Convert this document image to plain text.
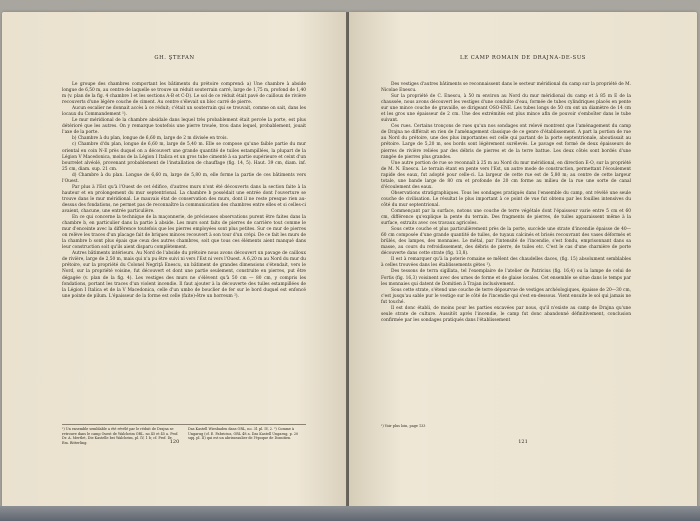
GH. ŞTEFAN

Le groupe des chambres comportant les bâtiments du prétoire comprend: a) Une chambre à abside longue de 6,50 m, au centre de laquelle se trouve un réduit souterrain carré, large de 1,75 m, profond de 1,40 m (v. plan de la fig. 4 chambre I et les sections A-B et C-D). Le sol de ce réduit était pavé de cailloux de rivière recouverts d'une légère couche de ciment. Au centre s'élevait un bloc carré de pierre.

Aucun escalier ne donnait accès à ce réduit; c'était un souterrain qui se trouvait, comme on sait, dans les locaux du Commandement ¹).

Le mur méridional de la chambre absidale dans lequel très probablement était percée la porte, est plus détérioré que les autres. On y remarque toutefois une pierre trouée, trou dans lequel, probablement, jouait l'axe de la porte.

b) Chambre à du plan, longue de 6,60 m, large de 2 m divisée en trois.

c) Chambre d'du plan, longue de 6,60 m, large de 5,40 m. Elle se compose qu'une faible partie du mur oriental en coin N-E près duquel on a découvert une grande quantité de tuiles estampillées, la plupart de la Légion V Macedonica, moins de la Légion I Italica et un gros tube cimenté à sa partie supérieure et ceint d'un bourrelet alvéolé, provenant probablement de l'installation de chauffage (fig. 14, 5). Haut. 39 cm, diam. inf. 25 cm, diam. sup. 21 cm.

d) Chambre à du plan. Longue de 6,60 m, large de 5,80 m, elle forme la partie de ces bâtiments vers l'Ouest.

Par plus à l'Est qu'à l'Ouest de cet édifice, d'autres murs n'ont été découverts dans la section faite à la hauteur et en prolongement du mur septentrional. La chambre b possédait une entrée dont l'ouverture se trouve dans le mur méridional. Le mauvais état de conservation des murs, dont il ne reste presque rien au-dessus des fondations, ne permet pas de reconnaître la communication des chambres entre elles et si celles-ci avaient, chacune, une entrée particulière.

En ce qui concerne la technique de la maçonnerie, de précieuses observations purent être faites dans la chambre b, en particulier dans la partie à abside. Les murs sont faits de pierres de carrière tout comme le mur d'enceinte avec la différence toutefois que les pierres employées sont plus petites. Sur ce mur de pierres on relève les traces d'un placage fait de briques minces recouvert à son tour d'un crépi. De ce fait les murs de la chambre b sont plus épais que ceux des autres chambres, soit que tous ces éléments aient manqué dans leur construction soit qu'ils aient disparu complètement.

Autres bâtiments intérieurs. Au Nord de l'abside du prétoire nous avons découvert un pavage de cailloux de rivière, large de 2,50 m, mais qui n'a pu être suivi ni vers l'Est ni vers l'Ouest. A 6,20 m au Nord du mur du prétoire, sur la propriété du Colonel Negriţă Enescu, un bâtiment de grandes dimensions s'étendait, vers le Nord, sur la propriété voisine, fut découvert et dont une partie seulement, construite en pierres, put être dégagée (v. plan de la fig. 4). Les vestiges des murs ne s'élèvent qu'à 50 cm — 80 cm, y compris les fondations, portant les traces d'un violent incendie. Il faut ajouter à la découverte des tuiles estampillées de la Légion I Italica et de la V Macedonica, celle d'un umbo de bouclier de fer sur le bord duquel est enfoncé une pointe de pilum. L'épaisseur de la forme est celle (faite)-être un horreum ²).

¹) Un ensemble semblable a été révélé par le réduit de Drajna se retrouve dans le camp Ouest de Walcheim ORL. no 45 et 45 a. Prof. Dr. A. Mertlet, Die Kastelle bei Walcheim, pl. IV, 1 b; cf. Prof. Dr. Em. Ritterling.
Das Kastell Wiesbaden dans ORL, no. 31 pl. IV, 2. ²) Comme à Ungarug (cf. E. Fabricius, ORL 48 a. Das Kastell Ungarug, p. 20 sqq. pl. II) qui est un abrisseaulier de l'époque de Domitien.
120
LE CAMP ROMAIN DE DRAJNA-DE-SUS

Des vestiges d'autres bâtiments se reconnaissent dans le secteur méridional du camp sur la propriété de M. Nicolae Enescu.

Sur la propriété de C. Enescu, à 50 m environ au Nord du mur méridional du camp et à 85 m E de la chaussée, nous avons découvert les vestiges d'une conduite d'eau, formée de tubes cylindriques placés en pente sur une mince couche de gravaille, se dirigeant OSO-ENE. Les tubes longs de 50 cm ont un diamètre de 14 cm et les gros une épaisseur de 2 cm. Une des extrémités est plus mince afin de pouvoir s'emboîter dans le tube suivant.

Ces rues. Certains tronçons de rues qu'un nos sondages ont relevé montrent que l'aménagement du camp de Drajna ne différait en rien de l'aménagement classique de ce genre d'établissement. A part la portion de rue au Nord du prétoire, une des plus importantes est celle qui partant de la porte septentrionale, aboutissait au prétoire. Large de 5,20 m, ses bords sont légèrement surélevés. Le pavage est formé de deux épaisseurs de pierres de rivière reliées par des débris de pierres et de la terre battue. Les deux côtés sont bordés d'une rangée de pierres plus grandes.

Une autre portion de rue se reconnaît à 25 m au Nord du mur méridional, en direction E-O, sur la propriété de M. N. Enescu. Le terrain étant en pente vers l'Est, un autre mode de construction, permettant l'écoulement rapide des eaux, fut adopté pour celle-ci. La largeur de cette rue est de 5,80 m; au centre de cette largeur totale, une bande large de 80 cm et profonde de 20 cm forme au milieu de la rue une sorte de canal d'écoulement des eaux.

Observations stratigraphiques. Tous les sondages pratiqués dans l'ensemble du camp, ont révélé une seule couche de civilisation. Le résultat le plus important à ce point de vue fut obtenu par les fouilles intensives du côté du mur septentrional.

Commençant par la surface, notons une couche de terre végétale dont l'épaisseur varie entre 5 cm et 60 cm, différence qu'explique la pente du terrain. Des fragments de pierres, de tuiles apparaissent même à la surface, extraits avec ces travaux agricoles.

Sous cette couche et plus particulièrement près de la porte, succède une strate d'incendie épaisse de 40—60 cm composée d'une grande quantité de tuiles, de tuyaux calcinés et brisés recouvrant des vases déformés et brûlés, des lampes, des monnaies. Le métal, par l'intensité de l'incendie, s'est fondu, emprisonnant dans sa masse, au cours du refroidissement, des débris de pierre, de tuiles etc. C'est le cas d'une charnière de porte découverte dans cette strate (fig. 13,8).

Il est à remarquer qu'à la poterie romaine se mêlent des chaudelles daces, (fig. 15) absolument semblables à celles trouvées dans les établissements gètes ¹).

Des tessons de terra sigillata, tel l'exemplaire de l'atelier de Patricius (fig. 16,4) ou la lampe de celui de Fortis (fig. 16,3) voisinent avec des urnes de forme et de glaise locales. Cet ensemble se situe dans le temps par les monnaies qui datent de Domitien à Trajan inclusivement.

Sous cette strate, s'étend une couche de terre dépourvue de vestiges archéologiques, épaisse de 20—30 cm, c'est jusqu'au sable pur le vestige sur le côté de l'incendie qui s'est en-dessous. Vient ensuite le sol qui jamais ne fut touché.

Il est donc établi, de moins pour les parties excavées par nous, qu'il n'existe au camp de Drajna qu'une seule strate de culture. Aussitôt après l'incendie, le camp fut donc abandonné définitivement, conclusion confirmée par les sondages pratiqués dans l'établissement

¹) Voir plus loin, page 133
121
